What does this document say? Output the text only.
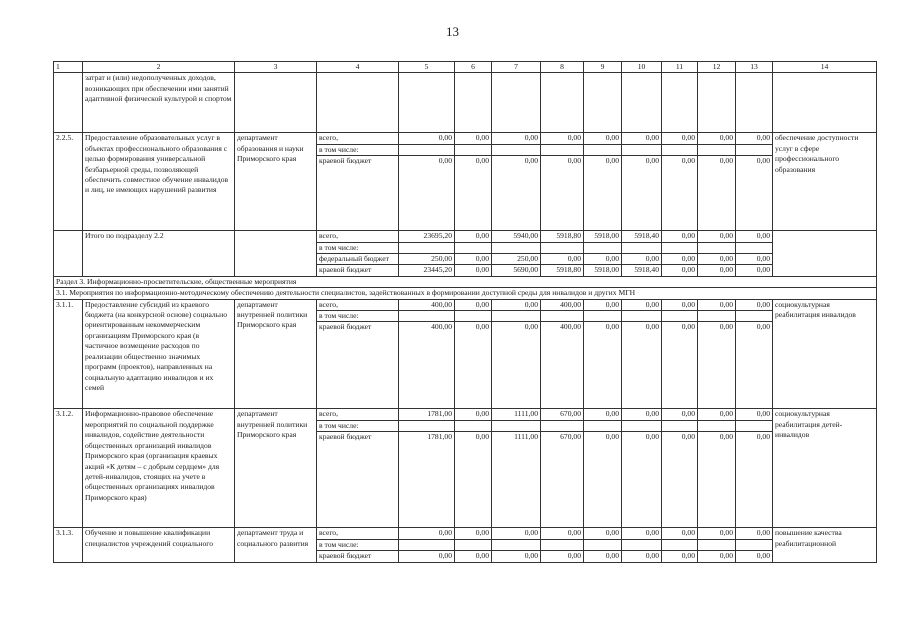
13
1	2	3	4	5	6	7	8	9	10	11	12	13	14
	затрат и (или) недополученных доходов, возникающих при обеспечении ими занятий адаптивной физической культурой и спортом												
2.2.5.	Предоставление образовательных услуг в объектах профессионального образования с целью формирования универсальной безбарьерной среды, позволяющей обеспечить совместное обучение инвалидов и лиц, не имеющих нарушений развития	департамент образования и науки Приморского края	всего,	0,00	0,00	0,00	0,00	0,00	0,00	0,00	0,00	0,00	обеспечение доступности услуг в сфере профессионального образования
			в том числе:										
			краевой бюджет	0,00	0,00	0,00	0,00	0,00	0,00	0,00	0,00	0,00	
	Итого по подразделу 2.2		всего,	23695,20	0,00	5940,00	5918,80	5918,00	5918,40	0,00	0,00	0,00	
			в том числе:										
			федеральный бюджет	250,00	0,00	250,00	0,00	0,00	0,00	0,00	0,00	0,00	
			краевой бюджет	23445,20	0,00	5690,00	5918,80	5918,00	5918,40	0,00	0,00	0,00	
Раздел 3. Информационно-просветительские, общественные мероприятия													
3.1. Мероприятия по информационно-методическому обеспечению деятельности специалистов, задействованных в формировании доступной среды для инвалидов и других МГН													
3.1.1.	Предоставление субсидий из краевого бюджета (на конкурсной основе) социально ориентированным некоммерческим организациям Приморского края (в частичное возмещение расходов по реализации общественно значимых программ (проектов), направленных на социальную адаптацию инвалидов и их семей	департамент внутренней политики Приморского края	всего,	400,00	0,00	0,00	400,00	0,00	0,00	0,00	0,00	0,00	социокультурная реабилитация инвалидов
			в том числе:										
			краевой бюджет	400,00	0,00	0,00	400,00	0,00	0,00	0,00	0,00	0,00	
3.1.2.	Информационно-правовое обеспечение мероприятий по социальной поддержке инвалидов, содействие деятельности общественных организаций инвалидов Приморского края (организация краевых акций «К детям – с добрым сердцем» для детей-инвалидов, стоящих на учете в общественных организациях инвалидов Приморского края)	департамент внутренней политики Приморского края	всего,	1781,00	0,00	1111,00	670,00	0,00	0,00	0,00	0,00	0,00	социокультурная реабилитация детей-инвалидов
			в том числе:										
			краевой бюджет	1781,00	0,00	1111,00	670,00	0,00	0,00	0,00	0,00	0,00	
3.1.3.	Обучение и повышение квалификации специалистов учреждений социального	департамент труда и социального развития	всего,	0,00	0,00	0,00	0,00	0,00	0,00	0,00	0,00	0,00	повышение качества реабилитационной
			в том числе:										
			краевой бюджет	0,00	0,00	0,00	0,00	0,00	0,00	0,00	0,00	0,00	
